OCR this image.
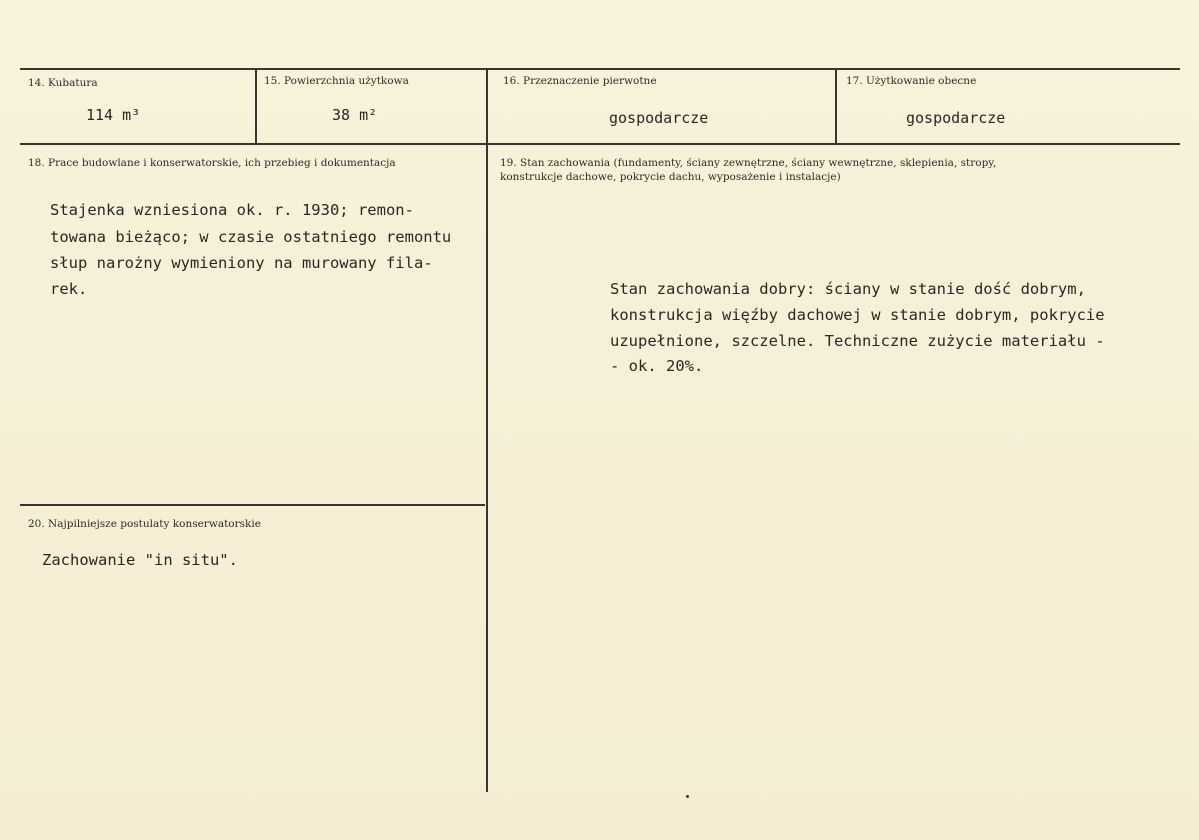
14. Kubatura
114 m³
15. Powierzchnia użytkowa
38 m²
16. Przeznaczenie pierwotne
gospodarcze
17. Użytkowanie obecne
gospodarcze
18. Prace budowlane i konserwatorskie, ich przebieg i dokumentacja
Stajenka wzniesiona ok. r. 1930; remon-
towana bieżąco; w czasie ostatniego remontu
słup narożny wymieniony na murowany fila-
rek.
19. Stan zachowania (fundamenty, ściany zewnętrzne, ściany wewnętrzne, sklepienia, stropy,
konstrukcje dachowe, pokrycie dachu, wyposażenie i instalacje)
Stan zachowania dobry: ściany w stanie dość dobrym,
konstrukcja więźby dachowej w stanie dobrym, pokrycie
uzupełnione, szczelne. Techniczne zużycie materiału -
- ok. 20%.
20. Najpilniejsze postulaty konserwatorskie
Zachowanie "in situ".
